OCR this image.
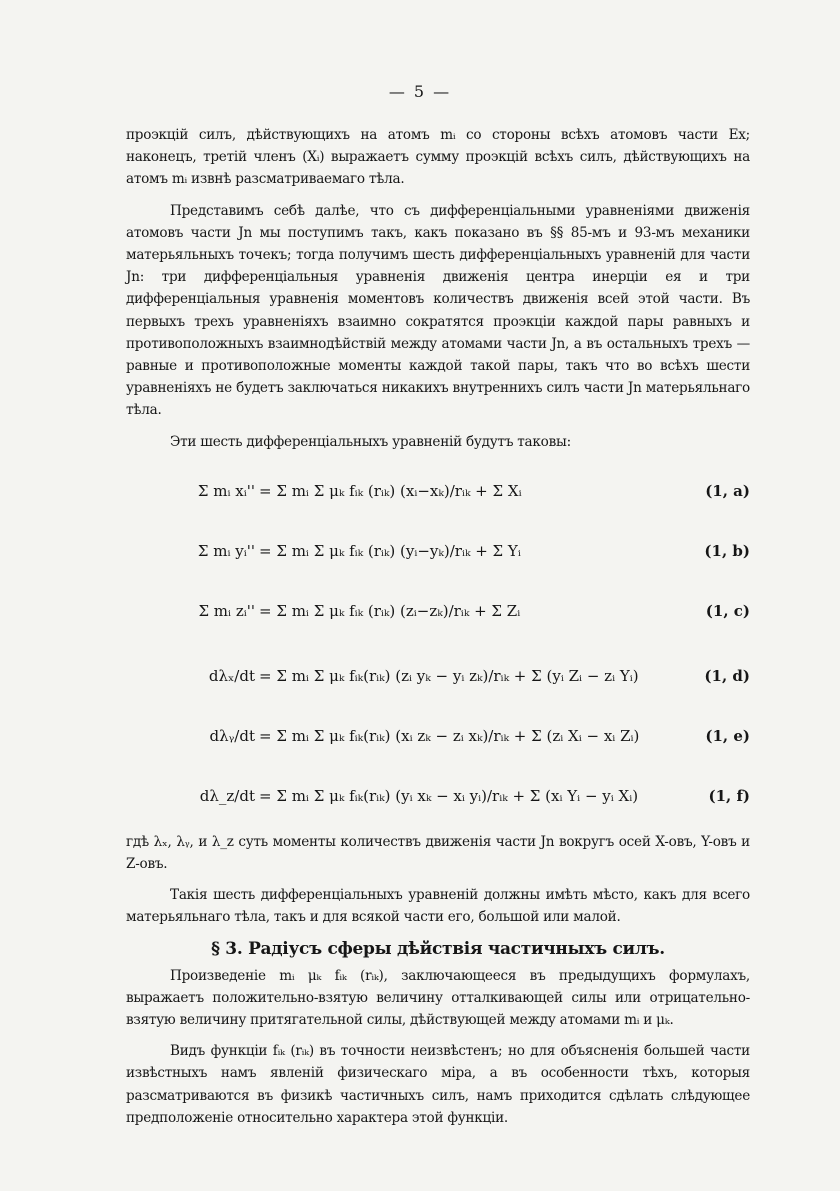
— 5 —

проэкцій силъ, дѣйствующихъ на атомъ mᵢ со стороны всѣхъ атомовъ части Ex; наконецъ, третій членъ (Xᵢ) выражаетъ сумму проэкцій всѣхъ силъ, дѣйствующихъ на атомъ mᵢ извнѣ разсматриваемаго тѣла.

Представимъ себѣ далѣе, что съ дифференціальными уравненіями движенія атомовъ части Jn мы поступимъ такъ, какъ показано въ §§ 85-мъ и 93-мъ механики матерьяльныхъ точекъ; тогда получимъ шесть дифференціальныхъ уравненій для части Jn: три дифференціальныя уравненія движенія центра инерціи ея и три дифференціальныя уравненія моментовъ количествъ движенія всей этой части. Въ первыхъ трехъ уравненіяхъ взаимно сократятся проэкціи каждой пары равныхъ и противоположныхъ взаимнодѣйствій между атомами части Jn, а въ остальныхъ трехъ — равные и противоположные моменты каждой такой пары, такъ что во всѣхъ шести уравненіяхъ не будетъ заключаться никакихъ внутреннихъ силъ части Jn матерьяльнаго тѣла.

Эти шесть дифференціальныхъ уравненій будутъ таковы:

Σ mᵢ xᵢ'' = Σ mᵢ Σ μₖ fᵢₖ (rᵢₖ) (xᵢ−xₖ)/rᵢₖ + Σ Xᵢ	(1, a)
Σ mᵢ yᵢ'' = Σ mᵢ Σ μₖ fᵢₖ (rᵢₖ) (yᵢ−yₖ)/rᵢₖ + Σ Yᵢ	(1, b)
Σ mᵢ zᵢ'' = Σ mᵢ Σ μₖ fᵢₖ (rᵢₖ) (zᵢ−zₖ)/rᵢₖ + Σ Zᵢ	(1, c)
dλₓ/dt = Σ mᵢ Σ μₖ fᵢₖ(rᵢₖ) (zᵢ yₖ − yᵢ zₖ)/rᵢₖ + Σ (yᵢ Zᵢ − zᵢ Yᵢ)	(1, d)
dλᵧ/dt = Σ mᵢ Σ μₖ fᵢₖ(rᵢₖ) (xᵢ zₖ − zᵢ xₖ)/rᵢₖ + Σ (zᵢ Xᵢ − xᵢ Zᵢ)	(1, e)
dλ_z/dt = Σ mᵢ Σ μₖ fᵢₖ(rᵢₖ) (yᵢ xₖ − xᵢ yᵢ)/rᵢₖ + Σ (xᵢ Yᵢ − yᵢ Xᵢ)	(1, f)

гдѣ λₓ, λᵧ, и λ_z суть моменты количествъ движенія части Jn вокругъ осей X-овъ, Y-овъ и Z-овъ.

Такія шесть дифференціальныхъ уравненій должны имѣть мѣсто, какъ для всего матерьяльнаго тѣла, такъ и для всякой части его, большой или малой.

§ 3. Радіусъ сферы дѣйствія частичныхъ силъ.

Произведеніе mᵢ μₖ fᵢₖ (rᵢₖ), заключающееся въ предыдущихъ формулахъ, выражаетъ положительно-взятую величину отталкивающей силы или отрицательно-взятую величину притягательной силы, дѣйствующей между атомами mᵢ и μₖ.

Видъ функціи fᵢₖ (rᵢₖ) въ точности неизвѣстенъ; но для объясненія большей части извѣстныхъ намъ явленій физическаго міра, а въ особенности тѣхъ, которыя разсматриваются въ физикѣ частичныхъ силъ, намъ приходится сдѣлать слѣдующее предположеніе относительно характера этой функціи.
